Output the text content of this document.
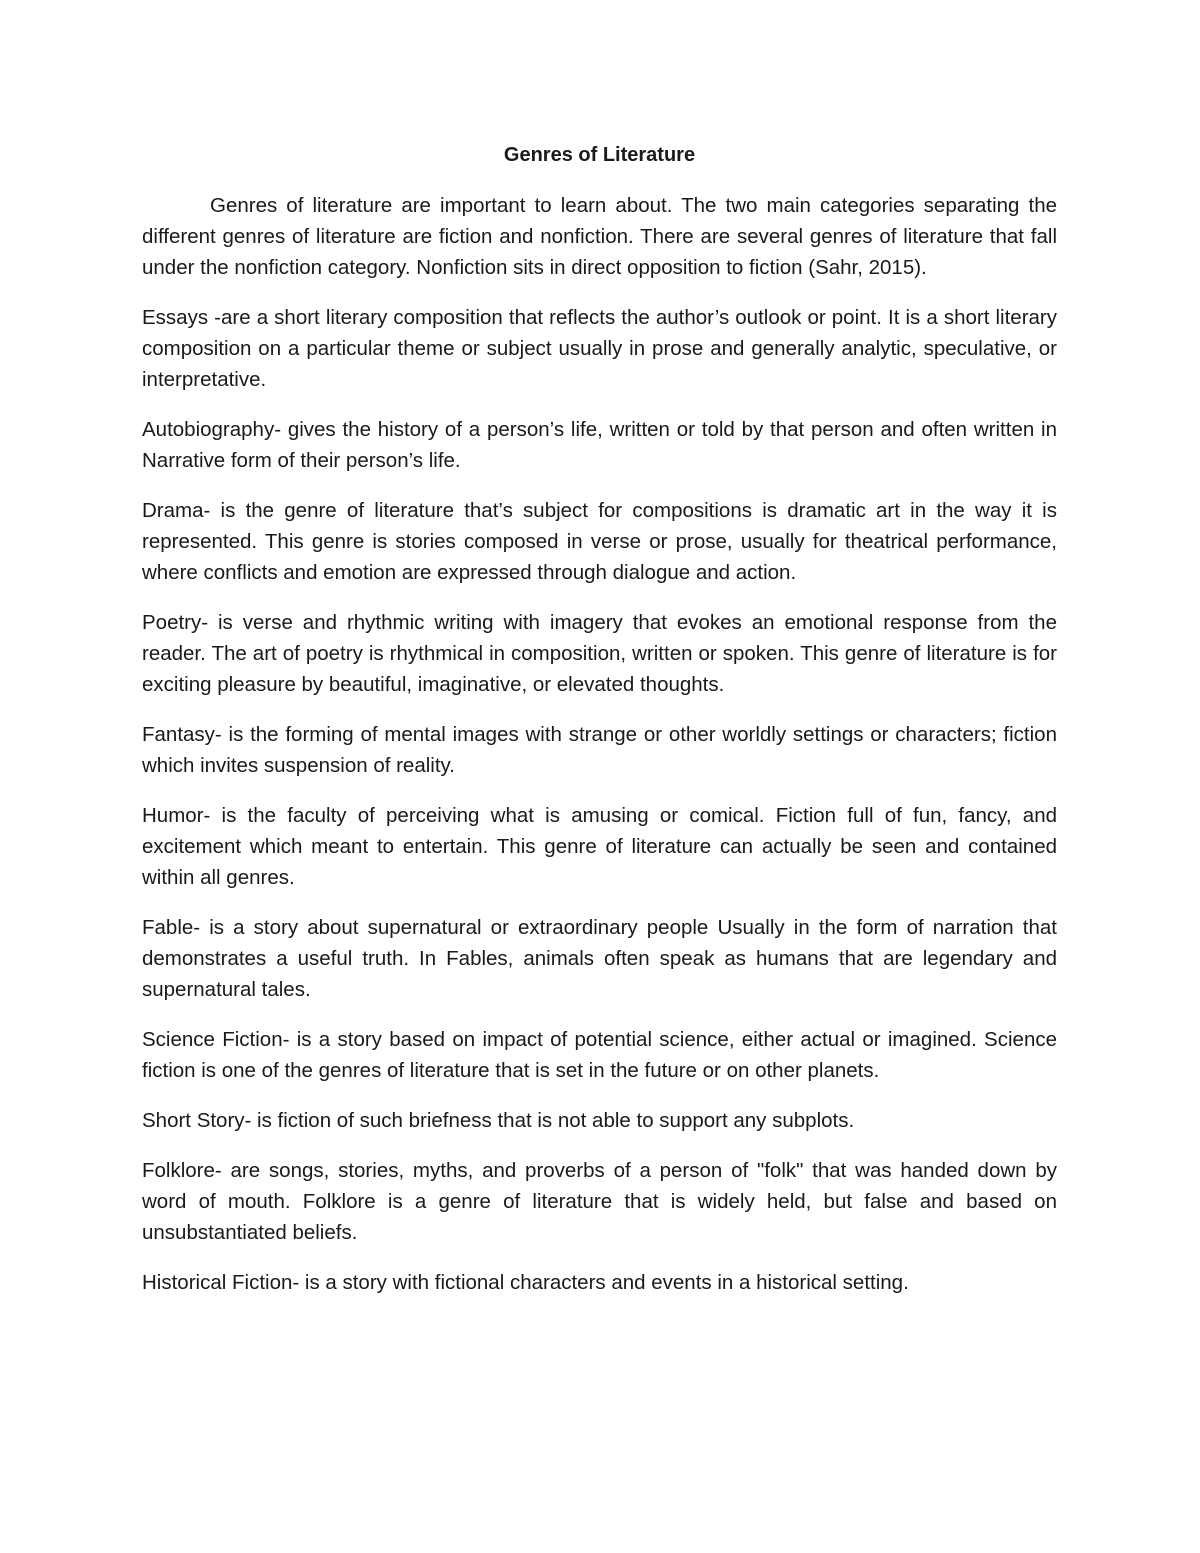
Genres of Literature

Genres of literature are important to learn about. The two main categories separating the different genres of literature are fiction and nonfiction. There are several genres of literature that fall under the nonfiction category. Nonfiction sits in direct opposition to fiction (Sahr, 2015).

Essays -are a short literary composition that reflects the author’s outlook or point. It is a short literary composition on a particular theme or subject usually in prose and generally analytic, speculative, or interpretative.

Autobiography- gives the history of a person’s life, written or told by that person and often written in Narrative form of their person’s life.

Drama- is the genre of literature that’s subject for compositions is dramatic art in the way it is represented. This genre is stories composed in verse or prose, usually for theatrical performance, where conflicts and emotion are expressed through dialogue and action.

Poetry- is verse and rhythmic writing with imagery that evokes an emotional response from the reader. The art of poetry is rhythmical in composition, written or spoken. This genre of literature is for exciting pleasure by beautiful, imaginative, or elevated thoughts.

Fantasy- is the forming of mental images with strange or other worldly settings or characters; fiction which invites suspension of reality.

Humor- is the faculty of perceiving what is amusing or comical. Fiction full of fun, fancy, and excitement which meant to entertain. This genre of literature can actually be seen and contained within all genres.

Fable- is a story about supernatural or extraordinary people Usually in the form of narration that demonstrates a useful truth. In Fables, animals often speak as humans that are legendary and supernatural tales.

Science Fiction- is a story based on impact of potential science, either actual or imagined. Science fiction is one of the genres of literature that is set in the future or on other planets.

Short Story- is fiction of such briefness that is not able to support any subplots.

Folklore- are songs, stories, myths, and proverbs of a person of "folk" that was handed down by word of mouth. Folklore is a genre of literature that is widely held, but false and based on unsubstantiated beliefs.

Historical Fiction- is a story with fictional characters and events in a historical setting.
